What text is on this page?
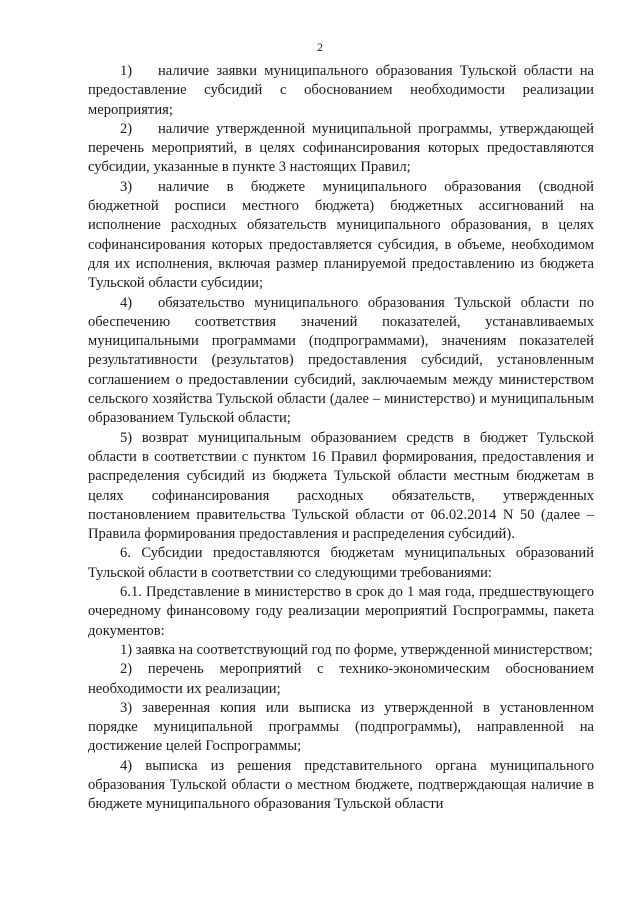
2

1) наличие заявки муниципального образования Тульской области на предоставление субсидий с обоснованием необходимости реализации мероприятия;

2) наличие утвержденной муниципальной программы, утверждающей перечень мероприятий, в целях софинансирования которых предоставляются субсидии, указанные в пункте 3 настоящих Правил;

3) наличие в бюджете муниципального образования (сводной бюджетной росписи местного бюджета) бюджетных ассигнований на исполнение расходных обязательств муниципального образования, в целях софинансирования которых предоставляется субсидия, в объеме, необходимом для их исполнения, включая размер планируемой предоставлению из бюджета Тульской области субсидии;

4) обязательство муниципального образования Тульской области по обеспечению соответствия значений показателей, устанавливаемых муниципальными программами (подпрограммами), значениям показателей результативности (результатов) предоставления субсидий, установленным соглашением о предоставлении субсидий, заключаемым между министерством сельского хозяйства Тульской области (далее – министерство) и муниципальным образованием Тульской области;

5) возврат муниципальным образованием средств в бюджет Тульской области в соответствии с пунктом 16 Правил формирования, предоставления и распределения субсидий из бюджета Тульской области местным бюджетам в целях софинансирования расходных обязательств, утвержденных постановлением правительства Тульской области от 06.02.2014 N 50 (далее – Правила формирования предоставления и распределения субсидий).

6. Субсидии предоставляются бюджетам муниципальных образований Тульской области в соответствии со следующими требованиями:

6.1. Представление в министерство в срок до 1 мая года, предшествующего очередному финансовому году реализации мероприятий Госпрограммы, пакета документов:

1) заявка на соответствующий год по форме, утвержденной министерством;

2) перечень мероприятий с технико-экономическим обоснованием необходимости их реализации;

3) заверенная копия или выписка из утвержденной в установленном порядке муниципальной программы (подпрограммы), направленной на достижение целей Госпрограммы;

4) выписка из решения представительного органа муниципального образования Тульской области о местном бюджете, подтверждающая наличие в бюджете муниципального образования Тульской области
